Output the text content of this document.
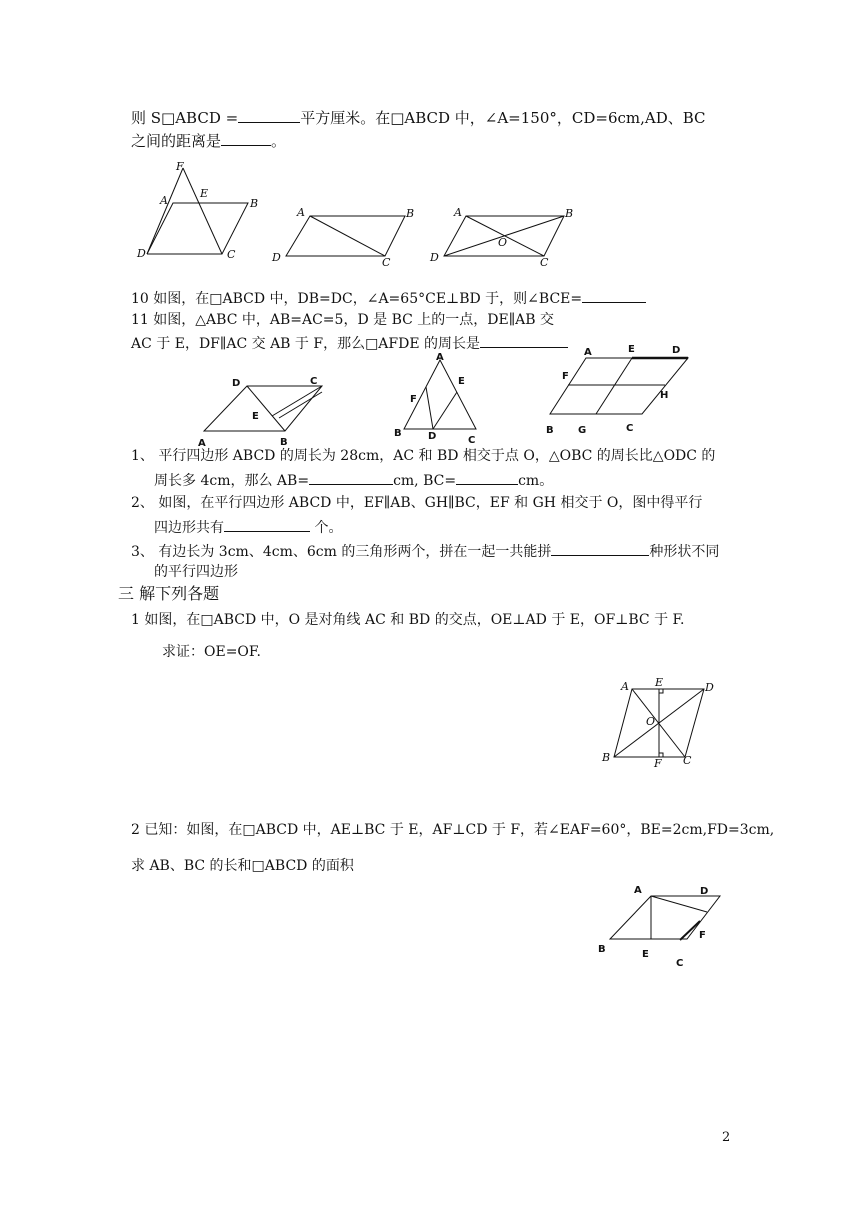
则 S□ABCD =	平方厘米。在□ABCD 中，∠A=150°，CD=6cm,AD、BC
之间的距离是	。
F
E
A	B
D	C
A	B
D	C
A	B
O
D	C
10 如图，在□ABCD 中，DB=DC，∠A=65°CE⊥BD 于，则∠BCE=
11 如图，△ABC 中，AB=AC=5，D 是 BC 上的一点，DE∥AB 交
AC 于 E，DF∥AC 交 AB 于 F，那么□AFDE 的周长是
D	C
E
A	B
A
E
F
B	D	C
A	E	D
F
H
B G	C
1、 平行四边形 ABCD 的周长为 28cm，AC 和 BD 相交于点 O，△OBC 的周长比△ODC 的
周长多 4cm，那么 AB=	cm, BC=	cm。
2、 如图，在平行四边形 ABCD 中，EF∥AB、GH∥BC，EF 和 GH 相交于 O，图中得平行
四边形共有	个。
3、 有边长为 3cm、4cm、6cm 的三角形两个，拼在一起一共能拼	种形状不同
的平行四边形
三 解下列各题
1 如图，在□ABCD 中，O 是对角线 AC 和 BD 的交点，OE⊥AD 于 E，OF⊥BC 于 F.
求证：OE=OF.
A E	D
O
B	F C
2 已知：如图，在□ABCD 中，AE⊥BC 于 E，AF⊥CD 于 F，若∠EAF=60°，BE=2cm,FD=3cm,
求 AB、BC 的长和□ABCD 的面积
A	D
F
B	E
C
2
